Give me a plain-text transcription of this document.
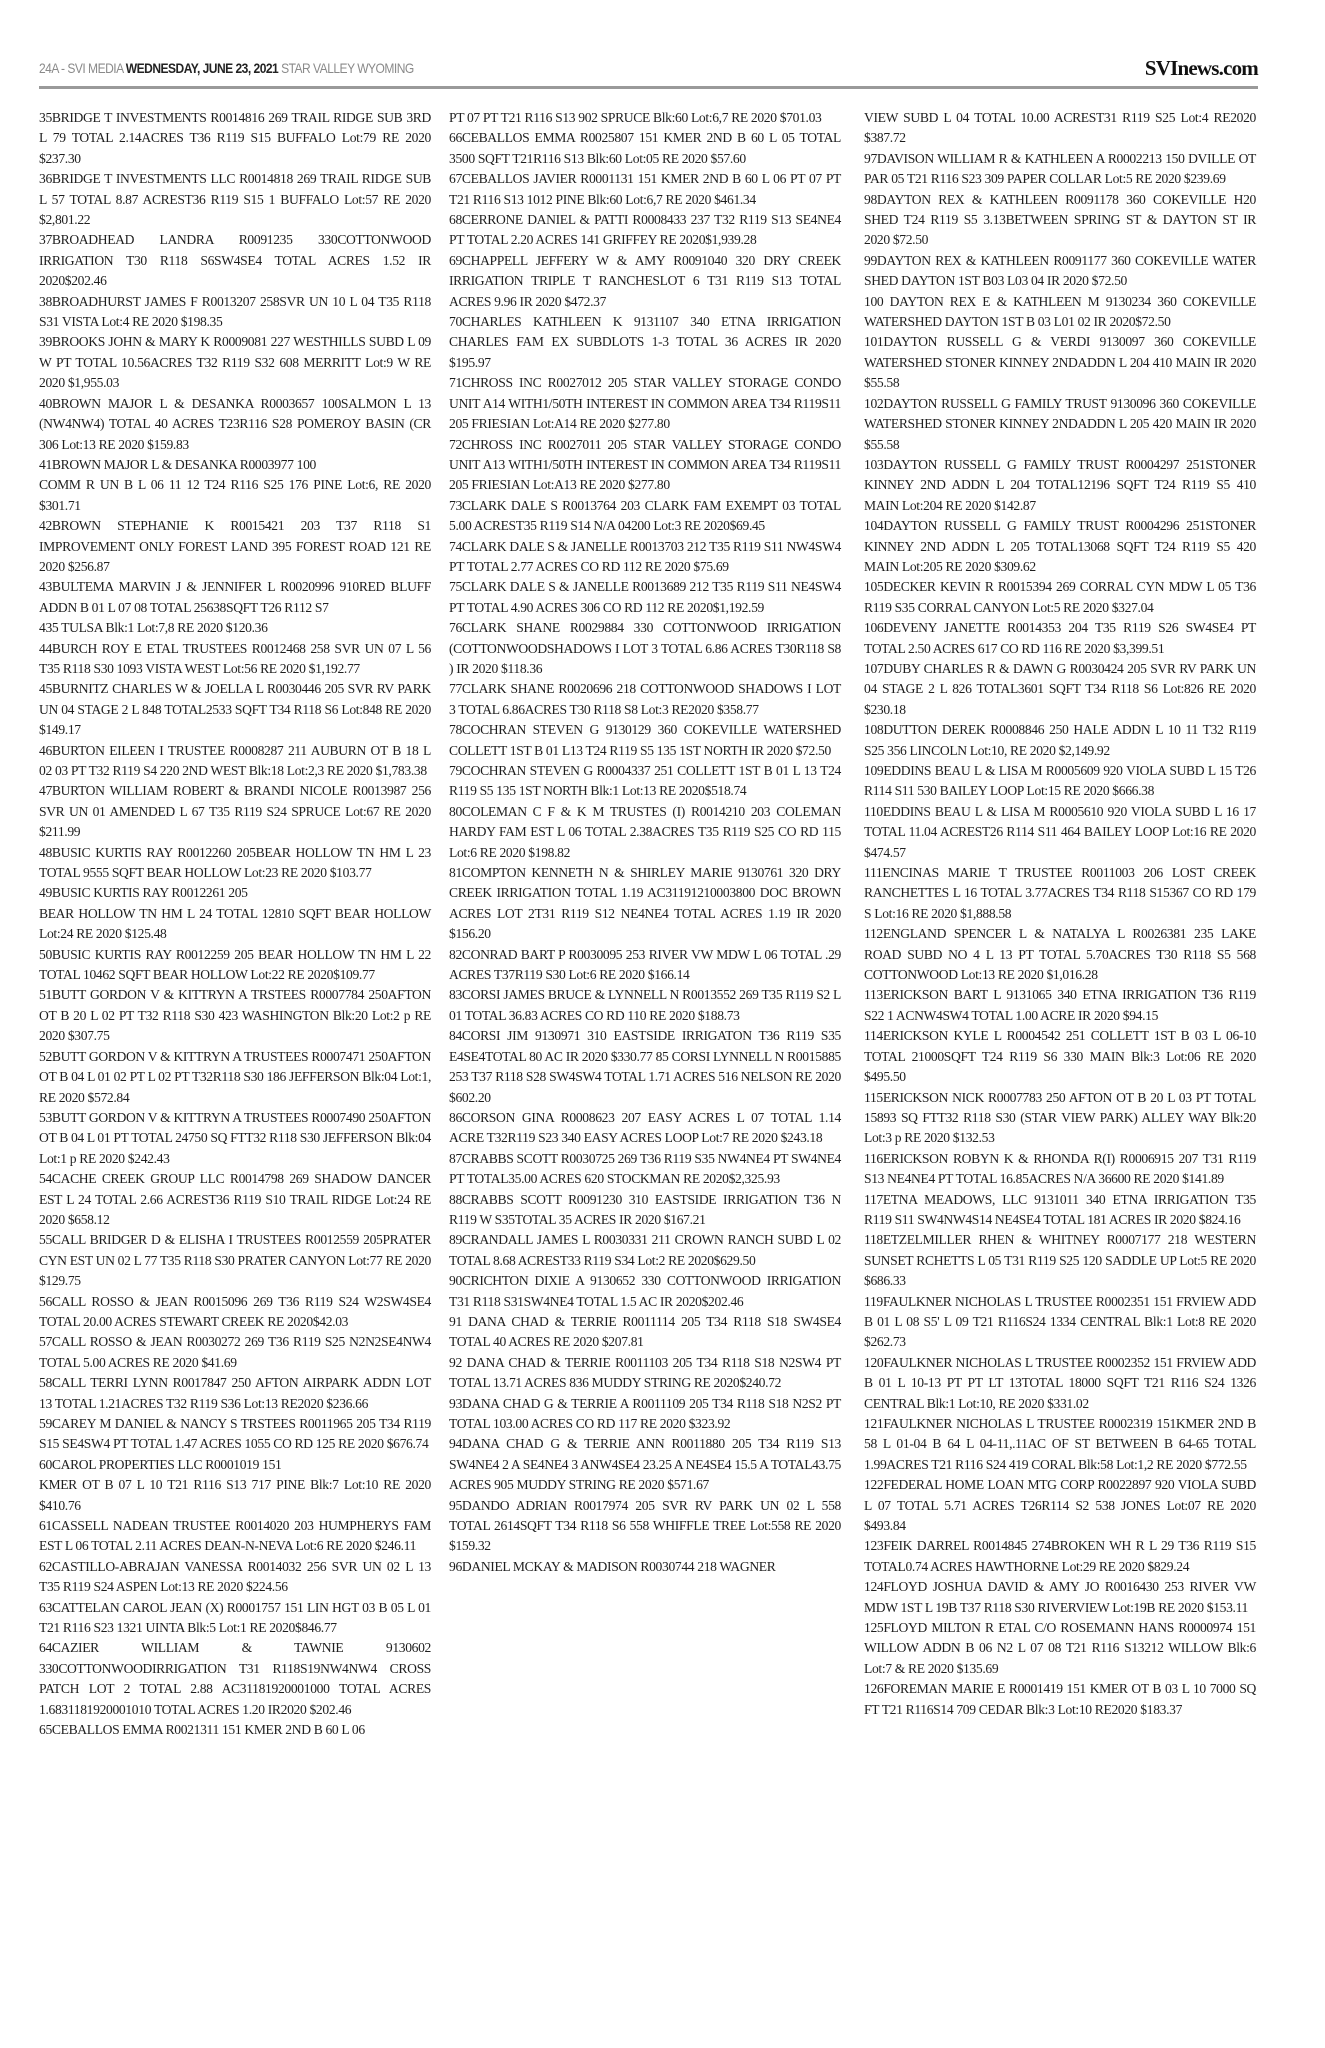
24A - SVI MEDIA WEDNESDAY, JUNE 23, 2021 STAR VALLEY WYOMING	SVInews.com

35BRIDGE T INVESTMENTS R0014816 269 TRAIL RIDGE SUB 3RD L 79 TOTAL 2.14ACRES T36 R119 S15 BUFFALO Lot:79 RE 2020 $237.30

36BRIDGE T INVESTMENTS LLC R0014818 269 TRAIL RIDGE SUB L 57 TOTAL 8.87 ACREST36 R119 S15 1 BUFFALO Lot:57 RE 2020 $2,801.22

37BROADHEAD LANDRA R0091235 330COTTONWOOD IRRIGATION T30 R118 S6SW4SE4 TOTAL ACRES 1.52 IR 2020$202.46

38BROADHURST JAMES F R0013207 258SVR UN 10 L 04 T35 R118 S31 VISTA Lot:4 RE 2020 $198.35

39BROOKS JOHN & MARY K R0009081 227 WESTHILLS SUBD L 09 W PT TOTAL 10.56ACRES T32 R119 S32 608 MERRITT Lot:9 W RE 2020 $1,955.03

40BROWN MAJOR L & DESANKA R0003657 100SALMON L 13 (NW4NW4) TOTAL 40 ACRES T23R116 S28 POMEROY BASIN (CR 306 Lot:13 RE 2020 $159.83

41BROWN MAJOR L & DESANKA R0003977 100

COMM R UN B L 06 11 12 T24 R116 S25 176 PINE Lot:6, RE 2020 $301.71

42BROWN STEPHANIE K R0015421 203 T37 R118 S1 IMPROVEMENT ONLY FOREST LAND 395 FOREST ROAD 121 RE 2020 $256.87

43BULTEMA MARVIN J & JENNIFER L R0020996 910RED BLUFF ADDN B 01 L 07 08 TOTAL 25638SQFT T26 R112 S7

435 TULSA Blk:1 Lot:7,8 RE 2020 $120.36

44BURCH ROY E ETAL TRUSTEES R0012468 258 SVR UN 07 L 56 T35 R118 S30 1093 VISTA WEST Lot:56 RE 2020 $1,192.77

45BURNITZ CHARLES W & JOELLA L R0030446 205 SVR RV PARK UN 04 STAGE 2 L 848 TOTAL2533 SQFT T34 R118 S6 Lot:848 RE 2020 $149.17

46BURTON EILEEN I TRUSTEE R0008287 211 AUBURN OT B 18 L 02 03 PT T32 R119 S4 220 2ND WEST Blk:18 Lot:2,3 RE 2020 $1,783.38

47BURTON WILLIAM ROBERT & BRANDI NICOLE R0013987 256 SVR UN 01 AMENDED L 67 T35 R119 S24 SPRUCE Lot:67 RE 2020 $211.99

48BUSIC KURTIS RAY R0012260 205BEAR HOLLOW TN HM L 23 TOTAL 9555 SQFT BEAR HOLLOW Lot:23 RE 2020 $103.77

49BUSIC KURTIS RAY R0012261 205

BEAR HOLLOW TN HM L 24 TOTAL 12810 SQFT BEAR HOLLOW Lot:24 RE 2020 $125.48

50BUSIC KURTIS RAY R0012259 205 BEAR HOLLOW TN HM L 22 TOTAL 10462 SQFT BEAR HOLLOW Lot:22 RE 2020$109.77

51BUTT GORDON V & KITTRYN A TRSTEES R0007784 250AFTON OT B 20 L 02 PT T32 R118 S30 423 WASHINGTON Blk:20 Lot:2 p RE 2020 $307.75

52BUTT GORDON V & KITTRYN A TRUSTEES R0007471 250AFTON OT B 04 L 01 02 PT L 02 PT T32R118 S30 186 JEFFERSON Blk:04 Lot:1, RE 2020 $572.84

53BUTT GORDON V & KITTRYN A TRUSTEES R0007490 250AFTON OT B 04 L 01 PT TOTAL 24750 SQ FTT32 R118 S30 JEFFERSON Blk:04 Lot:1 p RE 2020 $242.43

54CACHE CREEK GROUP LLC R0014798 269 SHADOW DANCER EST L 24 TOTAL 2.66 ACREST36 R119 S10 TRAIL RIDGE Lot:24 RE 2020 $658.12

55CALL BRIDGER D & ELISHA I TRUSTEES R0012559 205PRATER CYN EST UN 02 L 77 T35 R118 S30 PRATER CANYON Lot:77 RE 2020 $129.75

56CALL ROSSO & JEAN R0015096 269 T36 R119 S24 W2SW4SE4 TOTAL 20.00 ACRES STEWART CREEK RE 2020$42.03

57CALL ROSSO & JEAN R0030272 269 T36 R119 S25 N2N2SE4NW4 TOTAL 5.00 ACRES RE 2020 $41.69

58CALL TERRI LYNN R0017847 250 AFTON AIRPARK ADDN LOT 13 TOTAL 1.21ACRES T32 R119 S36 Lot:13 RE2020 $236.66

59CAREY M DANIEL & NANCY S TRSTEES R0011965 205 T34 R119 S15 SE4SW4 PT TOTAL 1.47 ACRES 1055 CO RD 125 RE 2020 $676.74

60CAROL PROPERTIES LLC R0001019 151

KMER OT B 07 L 10 T21 R116 S13 717 PINE Blk:7 Lot:10 RE 2020 $410.76

61CASSELL NADEAN TRUSTEE R0014020 203 HUMPHERYS FAM EST L 06 TOTAL 2.11 ACRES DEAN-N-NEVA Lot:6 RE 2020 $246.11

62CASTILLO-ABRAJAN VANESSA R0014032 256 SVR UN 02 L 13 T35 R119 S24 ASPEN Lot:13 RE 2020 $224.56

63CATTELAN CAROL JEAN (X) R0001757 151 LIN HGT 03 B 05 L 01 T21 R116 S23 1321 UINTA Blk:5 Lot:1 RE 2020$846.77

64CAZIER WILLIAM & TAWNIE 9130602 330COTTONWOODIRRIGATION T31 R118S19NW4NW4 CROSS PATCH LOT 2 TOTAL 2.88 AC31181920001000 TOTAL ACRES 1.6831181920001010 TOTAL ACRES 1.20 IR2020 $202.46

65CEBALLOS EMMA R0021311 151 KMER 2ND B 60 L 06

PT 07 PT T21 R116 S13 902 SPRUCE Blk:60 Lot:6,7 RE 2020 $701.03

66CEBALLOS EMMA R0025807 151 KMER 2ND B 60 L 05 TOTAL 3500 SQFT T21R116 S13 Blk:60 Lot:05 RE 2020 $57.60

67CEBALLOS JAVIER R0001131 151 KMER 2ND B 60 L 06 PT 07 PT T21 R116 S13 1012 PINE Blk:60 Lot:6,7 RE 2020 $461.34

68CERRONE DANIEL & PATTI R0008433 237 T32 R119 S13 SE4NE4 PT TOTAL 2.20 ACRES 141 GRIFFEY RE 2020$1,939.28

69CHAPPELL JEFFERY W & AMY R0091040 320 DRY CREEK IRRIGATION TRIPLE T RANCHESLOT 6 T31 R119 S13 TOTAL ACRES 9.96 IR 2020 $472.37

70CHARLES KATHLEEN K 9131107 340 ETNA IRRIGATION CHARLES FAM EX SUBDLOTS 1-3 TOTAL 36 ACRES IR 2020 $195.97

71CHROSS INC R0027012 205 STAR VALLEY STORAGE CONDO UNIT A14 WITH1/50TH INTEREST IN COMMON AREA T34 R119S11 205 FRIESIAN Lot:A14 RE 2020 $277.80

72CHROSS INC R0027011 205 STAR VALLEY STORAGE CONDO UNIT A13 WITH1/50TH INTEREST IN COMMON AREA T34 R119S11 205 FRIESIAN Lot:A13 RE 2020 $277.80

73CLARK DALE S R0013764 203 CLARK FAM EXEMPT 03 TOTAL 5.00 ACREST35 R119 S14 N/A 04200 Lot:3 RE 2020$69.45

74CLARK DALE S & JANELLE R0013703 212 T35 R119 S11 NW4SW4 PT TOTAL 2.77 ACRES CO RD 112 RE 2020 $75.69

75CLARK DALE S & JANELLE R0013689 212 T35 R119 S11 NE4SW4 PT TOTAL 4.90 ACRES 306 CO RD 112 RE 2020$1,192.59

76CLARK SHANE R0029884 330 COTTONWOOD IRRIGATION (COTTONWOODSHADOWS I LOT 3 TOTAL 6.86 ACRES T30R118 S8 ) IR 2020 $118.36

77CLARK SHANE R0020696 218 COTTONWOOD SHADOWS I LOT 3 TOTAL 6.86ACRES T30 R118 S8 Lot:3 RE2020 $358.77

78COCHRAN STEVEN G 9130129 360 COKEVILLE WATERSHED COLLETT 1ST B 01 L13 T24 R119 S5 135 1ST NORTH IR 2020 $72.50

79COCHRAN STEVEN G R0004337 251 COLLETT 1ST B 01 L 13 T24 R119 S5 135 1ST NORTH Blk:1 Lot:13 RE 2020$518.74

80COLEMAN C F & K M TRUSTES (I) R0014210 203 COLEMAN HARDY FAM EST L 06 TOTAL 2.38ACRES T35 R119 S25 CO RD 115 Lot:6 RE 2020 $198.82

81COMPTON KENNETH N & SHIRLEY MARIE 9130761 320 DRY CREEK IRRIGATION TOTAL 1.19 AC31191210003800 DOC BROWN ACRES LOT 2T31 R119 S12 NE4NE4 TOTAL ACRES 1.19 IR 2020 $156.20

82CONRAD BART P R0030095 253 RIVER VW MDW L 06 TOTAL .29 ACRES T37R119 S30 Lot:6 RE 2020 $166.14

83CORSI JAMES BRUCE & LYNNELL N R0013552 269 T35 R119 S2 L 01 TOTAL 36.83 ACRES CO RD 110 RE 2020 $188.73

84CORSI JIM 9130971 310 EASTSIDE IRRIGATON T36 R119 S35 E4SE4TOTAL 80 AC IR 2020 $330.77 85 CORSI LYNNELL N R0015885 253 T37 R118 S28 SW4SW4 TOTAL 1.71 ACRES 516 NELSON RE 2020 $602.20

86CORSON GINA R0008623 207 EASY ACRES L 07 TOTAL 1.14 ACRE T32R119 S23 340 EASY ACRES LOOP Lot:7 RE 2020 $243.18

87CRABBS SCOTT R0030725 269 T36 R119 S35 NW4NE4 PT SW4NE4 PT TOTAL35.00 ACRES 620 STOCKMAN RE 2020$2,325.93

88CRABBS SCOTT R0091230 310 EASTSIDE IRRIGATION T36 N R119 W S35TOTAL 35 ACRES IR 2020 $167.21

89CRANDALL JAMES L R0030331 211 CROWN RANCH SUBD L 02 TOTAL 8.68 ACREST33 R119 S34 Lot:2 RE 2020$629.50

90CRICHTON DIXIE A 9130652 330 COTTONWOOD IRRIGATION T31 R118 S31SW4NE4 TOTAL 1.5 AC IR 2020$202.46

91 DANA CHAD & TERRIE R0011114 205 T34 R118 S18 SW4SE4 TOTAL 40 ACRES RE 2020 $207.81

92 DANA CHAD & TERRIE R0011103 205 T34 R118 S18 N2SW4 PT TOTAL 13.71 ACRES 836 MUDDY STRING RE 2020$240.72

93DANA CHAD G & TERRIE A R0011109 205 T34 R118 S18 N2S2 PT TOTAL 103.00 ACRES CO RD 117 RE 2020 $323.92

94DANA CHAD G & TERRIE ANN R0011880 205 T34 R119 S13 SW4NE4 2 A SE4NE4 3 ANW4SE4 23.25 A NE4SE4 15.5 A TOTAL43.75 ACRES 905 MUDDY STRING RE 2020 $571.67

95DANDO ADRIAN R0017974 205 SVR RV PARK UN 02 L 558 TOTAL 2614SQFT T34 R118 S6 558 WHIFFLE TREE Lot:558 RE 2020 $159.32

96DANIEL MCKAY & MADISON R0030744 218 WAGNER

VIEW SUBD L 04 TOTAL 10.00 ACREST31 R119 S25 Lot:4 RE2020 $387.72

97DAVISON WILLIAM R & KATHLEEN A R0002213 150 DVILLE OT PAR 05 T21 R116 S23 309 PAPER COLLAR Lot:5 RE 2020 $239.69

98DAYTON REX & KATHLEEN R0091178 360 COKEVILLE H20 SHED T24 R119 S5 3.13BETWEEN SPRING ST & DAYTON ST IR 2020 $72.50

99DAYTON REX & KATHLEEN R0091177 360 COKEVILLE WATER SHED DAYTON 1ST B03 L03 04 IR 2020 $72.50

100 DAYTON REX E & KATHLEEN M 9130234 360 COKEVILLE WATERSHED DAYTON 1ST B 03 L01 02 IR 2020$72.50

101DAYTON RUSSELL G & VERDI 9130097 360 COKEVILLE WATERSHED STONER KINNEY 2NDADDN L 204 410 MAIN IR 2020 $55.58

102DAYTON RUSSELL G FAMILY TRUST 9130096 360 COKEVILLE WATERSHED STONER KINNEY 2NDADDN L 205 420 MAIN IR 2020 $55.58

103DAYTON RUSSELL G FAMILY TRUST R0004297 251STONER KINNEY 2ND ADDN L 204 TOTAL12196 SQFT T24 R119 S5 410 MAIN Lot:204 RE 2020 $142.87

104DAYTON RUSSELL G FAMILY TRUST R0004296 251STONER KINNEY 2ND ADDN L 205 TOTAL13068 SQFT T24 R119 S5 420 MAIN Lot:205 RE 2020 $309.62

105DECKER KEVIN R R0015394 269 CORRAL CYN MDW L 05 T36 R119 S35 CORRAL CANYON Lot:5 RE 2020 $327.04

106DEVENY JANETTE R0014353 204 T35 R119 S26 SW4SE4 PT TOTAL 2.50 ACRES 617 CO RD 116 RE 2020 $3,399.51

107DUBY CHARLES R & DAWN G R0030424 205 SVR RV PARK UN 04 STAGE 2 L 826 TOTAL3601 SQFT T34 R118 S6 Lot:826 RE 2020 $230.18

108DUTTON DEREK R0008846 250 HALE ADDN L 10 11 T32 R119 S25 356 LINCOLN Lot:10, RE 2020 $2,149.92

109EDDINS BEAU L & LISA M R0005609 920 VIOLA SUBD L 15 T26 R114 S11 530 BAILEY LOOP Lot:15 RE 2020 $666.38

110EDDINS BEAU L & LISA M R0005610 920 VIOLA SUBD L 16 17 TOTAL 11.04 ACREST26 R114 S11 464 BAILEY LOOP Lot:16 RE 2020 $474.57

111ENCINAS MARIE T TRUSTEE R0011003 206 LOST CREEK RANCHETTES L 16 TOTAL 3.77ACRES T34 R118 S15367 CO RD 179 S Lot:16 RE 2020 $1,888.58

112ENGLAND SPENCER L & NATALYA L R0026381 235 LAKE ROAD SUBD NO 4 L 13 PT TOTAL 5.70ACRES T30 R118 S5 568 COTTONWOOD Lot:13 RE 2020 $1,016.28

113ERICKSON BART L 9131065 340 ETNA IRRIGATION T36 R119 S22 1 ACNW4SW4 TOTAL 1.00 ACRE IR 2020 $94.15

114ERICKSON KYLE L R0004542 251 COLLETT 1ST B 03 L 06-10 TOTAL 21000SQFT T24 R119 S6 330 MAIN Blk:3 Lot:06 RE 2020 $495.50

115ERICKSON NICK R0007783 250 AFTON OT B 20 L 03 PT TOTAL 15893 SQ FTT32 R118 S30 (STAR VIEW PARK) ALLEY WAY Blk:20 Lot:3 p RE 2020 $132.53

116ERICKSON ROBYN K & RHONDA R(I) R0006915 207 T31 R119 S13 NE4NE4 PT TOTAL 16.85ACRES N/A 36600 RE 2020 $141.89

117ETNA MEADOWS, LLC 9131011 340 ETNA IRRIGATION T35 R119 S11 SW4NW4S14 NE4SE4 TOTAL 181 ACRES IR 2020 $824.16

118ETZELMILLER RHEN & WHITNEY R0007177 218 WESTERN SUNSET RCHETTS L 05 T31 R119 S25 120 SADDLE UP Lot:5 RE 2020 $686.33

119FAULKNER NICHOLAS L TRUSTEE R0002351 151 FRVIEW ADD B 01 L 08 S5' L 09 T21 R116S24 1334 CENTRAL Blk:1 Lot:8 RE 2020 $262.73

120FAULKNER NICHOLAS L TRUSTEE R0002352 151 FRVIEW ADD B 01 L 10-13 PT PT LT 13TOTAL 18000 SQFT T21 R116 S24 1326 CENTRAL Blk:1 Lot:10, RE 2020 $331.02

121FAULKNER NICHOLAS L TRUSTEE R0002319 151KMER 2ND B 58 L 01-04 B 64 L 04-11,.11AC OF ST BETWEEN B 64-65 TOTAL 1.99ACRES T21 R116 S24 419 CORAL Blk:58 Lot:1,2 RE 2020 $772.55

122FEDERAL HOME LOAN MTG CORP R0022897 920 VIOLA SUBD L 07 TOTAL 5.71 ACRES T26R114 S2 538 JONES Lot:07 RE 2020 $493.84

123FEIK DARREL R0014845 274BROKEN WH R L 29 T36 R119 S15 TOTAL0.74 ACRES HAWTHORNE Lot:29 RE 2020 $829.24

124FLOYD JOSHUA DAVID & AMY JO R0016430 253 RIVER VW MDW 1ST L 19B T37 R118 S30 RIVERVIEW Lot:19B RE 2020 $153.11

125FLOYD MILTON R ETAL C/O ROSEMANN HANS R0000974 151 WILLOW ADDN B 06 N2 L 07 08 T21 R116 S13212 WILLOW Blk:6 Lot:7 & RE 2020 $135.69

126FOREMAN MARIE E R0001419 151 KMER OT B 03 L 10 7000 SQ FT T21 R116S14 709 CEDAR Blk:3 Lot:10 RE2020 $183.37
